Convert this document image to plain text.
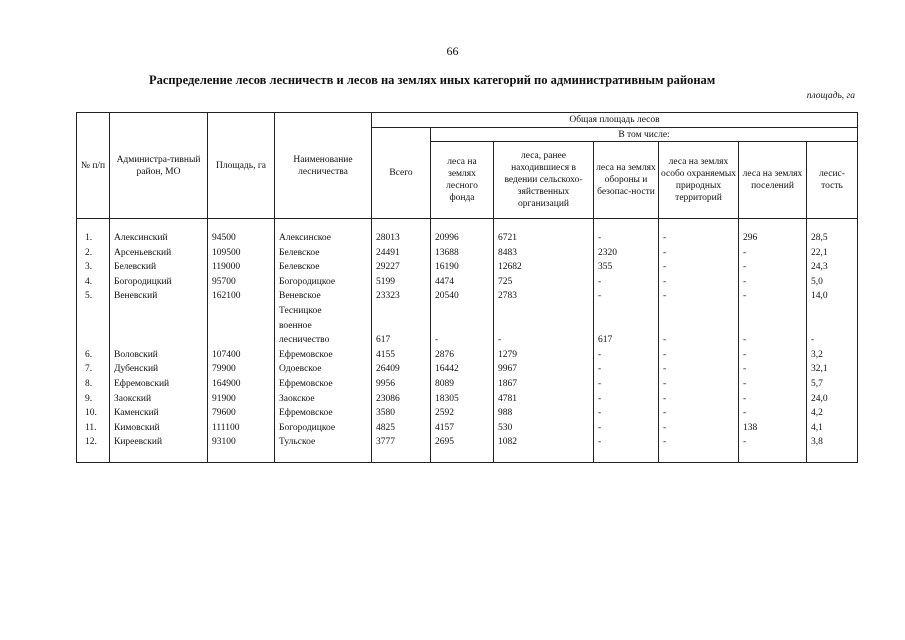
66
Распределение лесов лесничеств и лесов на землях иных категорий по административным районам
площадь, га
№ п/п	Администра-тивный район, МО	Площадь, га	Наименование лесничества	Общая площадь лесов						
				Всего	В том числе:					
					леса на землях лесного фонда	леса, ранее находившиеся в ведении сельскохо-зяйственных организаций	леса на землях обороны и безопас-ности	леса на землях особо охраняемых природных территорий	леса на землях поселений	лесис-тость

1.	Алексинский	94500	Алексинское	28013	20996	6721	-	-	296	28,5
2.	Арсеньевский	109500	Белевское	24491	13688	8483	2320	-	-	22,1
3.	Белевский	119000	Белевское	29227	16190	12682	355	-	-	24,3
4.	Богородицкий	95700	Богородицкое	5199	4474	725	-	-	-	5,0
5.	Веневский	162100	Веневское	23323	20540	2783	-	-	-	14,0
			Тесницкое							
			военное							
			лесничество	617	-	-	617	-	-	-
6.	Воловский	107400	Ефремовское	4155	2876	1279	-	-	-	3,2
7.	Дубенский	79900	Одоевское	26409	16442	9967	-	-	-	32,1
8.	Ефремовский	164900	Ефремовское	9956	8089	1867	-	-	-	5,7
9.	Заокский	91900	Заокское	23086	18305	4781	-	-	-	24,0
10.	Каменский	79600	Ефремовское	3580	2592	988	-	-	-	4,2
11.	Кимовский	111100	Богородицкое	4825	4157	530	-	-	138	4,1
12.	Киреевский	93100	Тульское	3777	2695	1082	-	-	-	3,8
